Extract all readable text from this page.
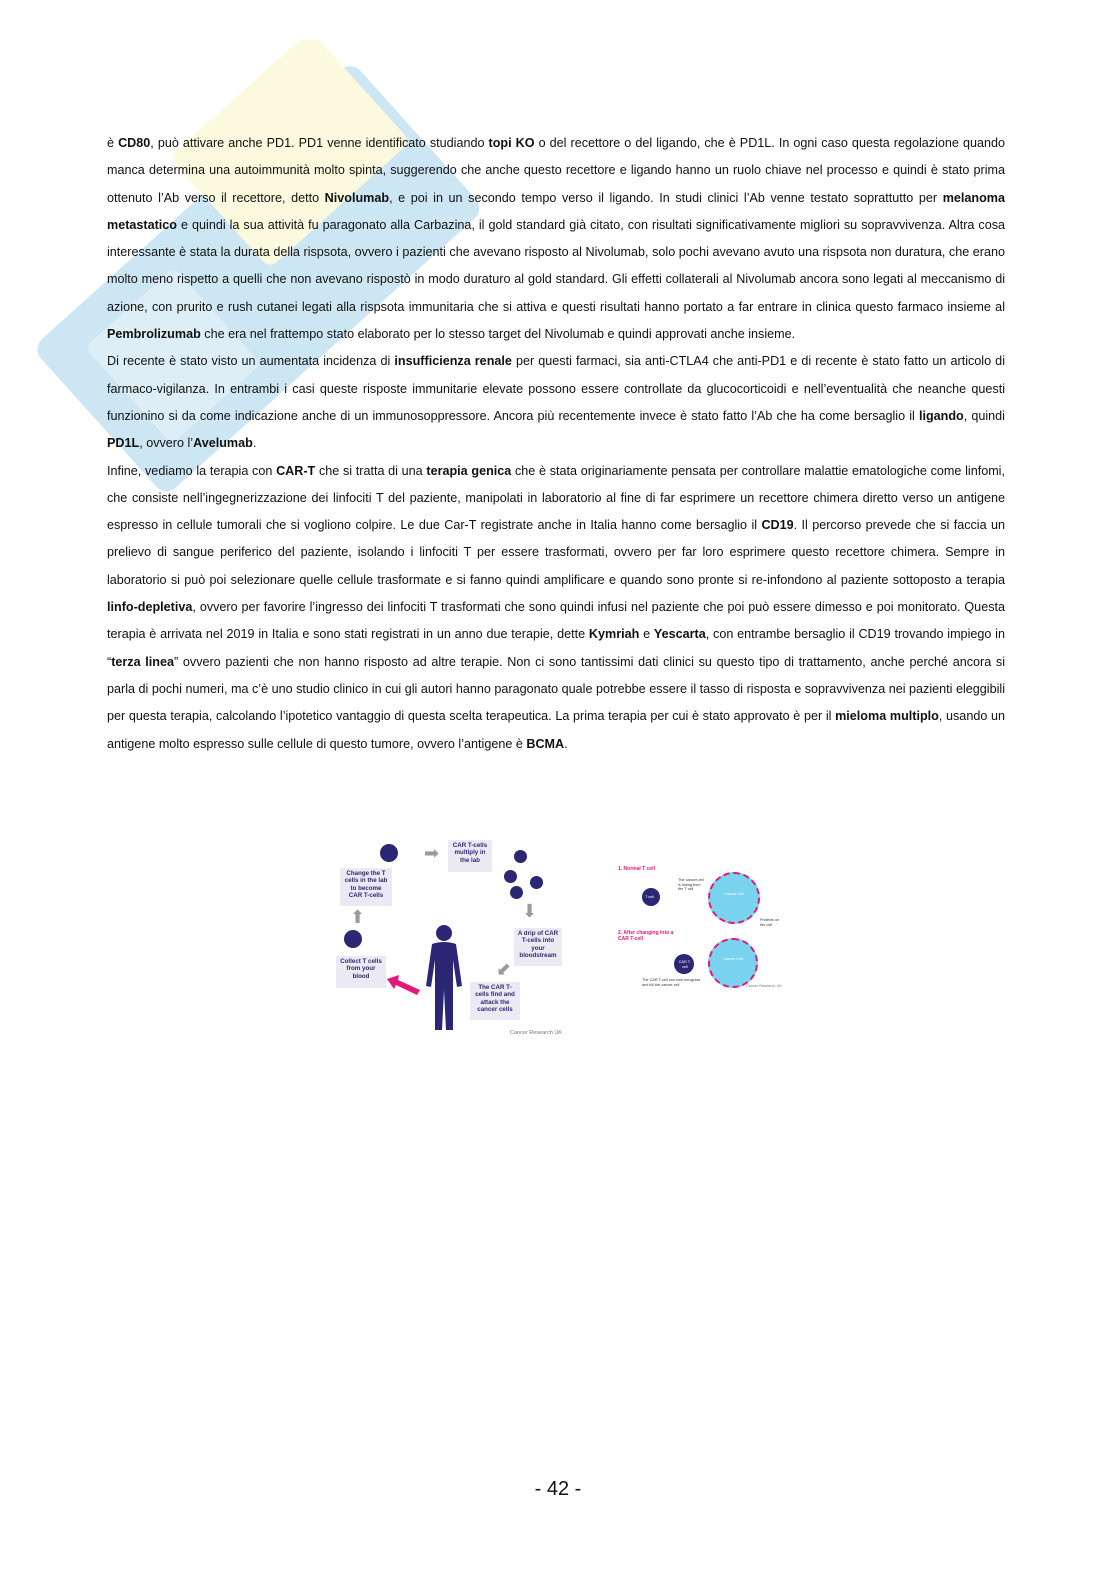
è CD80, può attivare anche PD1. PD1 venne identificato studiando topi KO o del recettore o del ligando, che è PD1L. In ogni caso questa regolazione quando manca determina una autoimmunità molto spinta, suggerendo che anche questo recettore e ligando hanno un ruolo chiave nel processo e quindi è stato prima ottenuto l’Ab verso il recettore, detto Nivolumab, e poi in un secondo tempo verso il ligando. In studi clinici l’Ab venne testato soprattutto per melanoma metastatico e quindi la sua attività fu paragonato alla Carbazina, il gold standard già citato, con risultati significativamente migliori su sopravvivenza. Altra cosa interessante è stata la durata della rispsota, ovvero i pazienti che avevano risposto al Nivolumab, solo pochi avevano avuto una rispsota non duratura, che erano molto meno rispetto a quelli che non avevano rispostò in modo duraturo al gold standard. Gli effetti collaterali al Nivolumab ancora sono legati al meccanismo di azione, con prurito e rush cutanei legati alla rispsota immunitaria che si attiva e questi risultati hanno portato a far entrare in clinica questo farmaco insieme al Pembrolizumab che era nel frattempo stato elaborato per lo stesso target del Nivolumab e quindi approvati anche insieme.

Di recente è stato visto un aumentata incidenza di insufficienza renale per questi farmaci, sia anti-CTLA4 che anti-PD1 e di recente è stato fatto un articolo di farmaco-vigilanza. In entrambi i casi queste risposte immunitarie elevate possono essere controllate da glucocorticoidi e nell’eventualità che neanche questi funzionino si da come indicazione anche di un immunosoppressore. Ancora più recentemente invece è stato fatto l’Ab che ha come bersaglio il ligando, quindi PD1L, ovvero l’Avelumab.

Infine, vediamo la terapia con CAR-T che si tratta di una terapia genica che è stata originariamente pensata per controllare malattie ematologiche come linfomi, che consiste nell’ingegnerizzazione dei linfociti T del paziente, manipolati in laboratorio al fine di far esprimere un recettore chimera diretto verso un antigene espresso in cellule tumorali che si vogliono colpire. Le due Car-T registrate anche in Italia hanno come bersaglio il CD19. Il percorso prevede che si faccia un prelievo di sangue periferico del paziente, isolando i linfociti T per essere trasformati, ovvero per far loro esprimere questo recettore chimera. Sempre in laboratorio si può poi selezionare quelle cellule trasformate e si fanno quindi amplificare e quando sono pronte si re-infondono al paziente sottoposto a terapia linfo-depletiva, ovvero per favorire l’ingresso dei linfociti T trasformati che sono quindi infusi nel paziente che poi può essere dimesso e poi monitorato. Questa terapia è arrivata nel 2019 in Italia e sono stati registrati in un anno due terapie, dette Kymriah e Yescarta, con entrambe bersaglio il CD19 trovando impiego in “terza linea” ovvero pazienti che non hanno risposto ad altre terapie. Non ci sono tantissimi dati clinici su questo tipo di trattamento, anche perché ancora si parla di pochi numeri, ma c’è uno studio clinico in cui gli autori hanno paragonato quale potrebbe essere il tasso di risposta e sopravvivenza nei pazienti eleggibili per questa terapia, calcolando l’ipotetico vantaggio di questa scelta terapeutica. La prima terapia per cui è stato approvato è per il mieloma multiplo, usando un antigene molto espresso sulle cellule di questo tumore, ovvero l’antigene è BCMA.

➡	CAR T-cells multiply in the lab
Change the T cells in the lab to become CAR T-cells
⬆
Collect T cells from your blood
⬇
A drip of CAR T-cells into your bloodstream
⬋
The CAR T-cells find and attack the cancer cells
Cancer Research UK
1. Normal T cell
T cell
The cancer cell is hiding from the T cell
Cancer Cell
Proteins on the cell
2. After changing into a CAR T-cell
CAR T-cell
Cancer Cell
The CAR T-cell can now recognise and kill the cancer cell	Cancer Research UK
- 42 -
